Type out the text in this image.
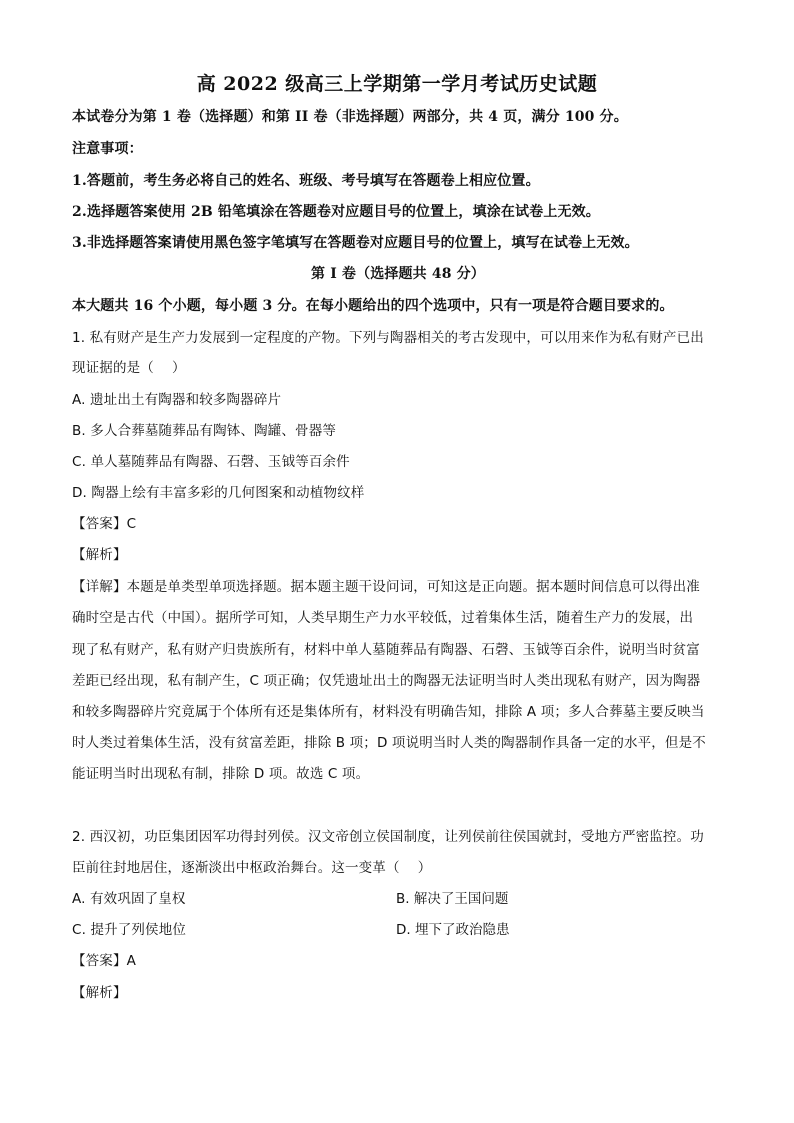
高 2022 级高三上学期第一学月考试历史试题
本试卷分为第 1 卷（选择题）和第 II 卷（非选择题）两部分，共 4 页，满分 100 分。
注意事项：
1.答题前，考生务必将自己的姓名、班级、考号填写在答题卷上相应位置。
2.选择题答案使用 2B 铅笔填涂在答题卷对应题目号的位置上，填涂在试卷上无效。
3.非选择题答案请使用黑色签字笔填写在答题卷对应题目号的位置上，填写在试卷上无效。
第 I 卷（选择题共 48 分）
本大题共 16 个小题，每小题 3 分。在每小题给出的四个选项中，只有一项是符合题目要求的。
1. 私有财产是生产力发展到一定程度的产物。下列与陶器相关的考古发现中，可以用来作为私有财产已出
现证据的是（　 ）
A. 遗址出土有陶器和较多陶器碎片
B. 多人合葬墓随葬品有陶钵、陶罐、骨器等
C. 单人墓随葬品有陶器、石磬、玉钺等百余件
D. 陶器上绘有丰富多彩的几何图案和动植物纹样
【答案】C
【解析】
【详解】本题是单类型单项选择题。据本题主题干设问词，可知这是正向题。据本题时间信息可以得出准
确时空是古代（中国）。据所学可知，人类早期生产力水平较低，过着集体生活，随着生产力的发展，出
现了私有财产，私有财产归贵族所有，材料中单人墓随葬品有陶器、石磬、玉钺等百余件，说明当时贫富
差距已经出现，私有制产生，C 项正确；仅凭遗址出土的陶器无法证明当时人类出现私有财产，因为陶器
和较多陶器碎片究竟属于个体所有还是集体所有，材料没有明确告知，排除 A 项；多人合葬墓主要反映当
时人类过着集体生活，没有贫富差距，排除 B 项；D 项说明当时人类的陶器制作具备一定的水平，但是不
能证明当时出现私有制，排除 D 项。故选 C 项。
2. 西汉初，功臣集团因军功得封列侯。汉文帝创立侯国制度，让列侯前往侯国就封，受地方严密监控。功
臣前往封地居住，逐渐淡出中枢政治舞台。这一变革（　 ）
A. 有效巩固了皇权	B. 解决了王国问题
C. 提升了列侯地位	D. 埋下了政治隐患
【答案】A
【解析】
